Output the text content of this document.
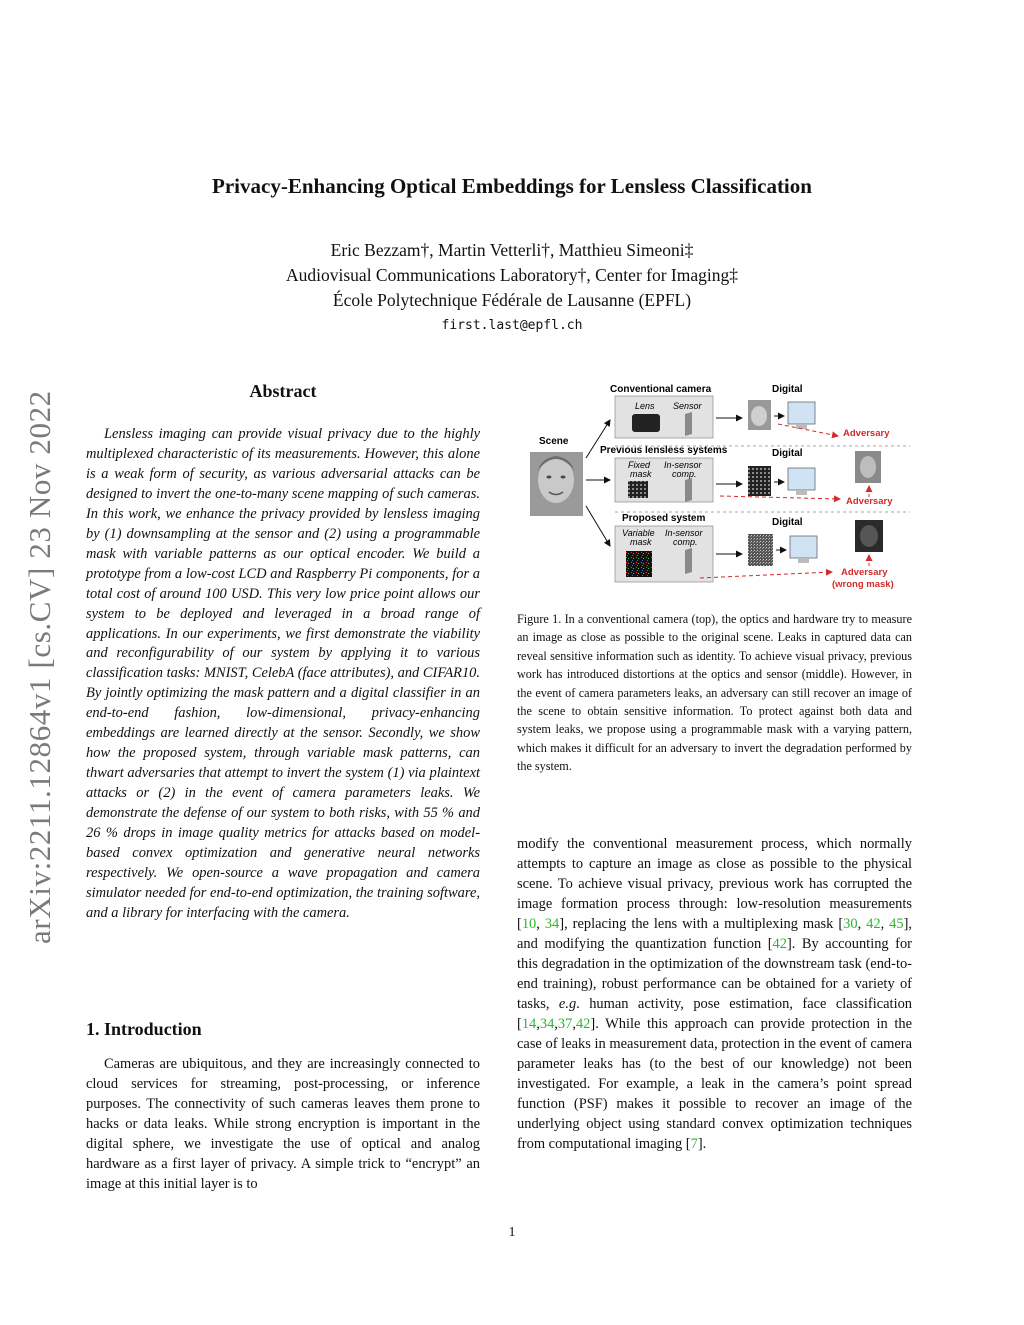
arXiv:2211.12864v1 [cs.CV] 23 Nov 2022
Privacy-Enhancing Optical Embeddings for Lensless Classification
Eric Bezzam†, Martin Vetterli†, Matthieu Simeoni‡
Audiovisual Communications Laboratory†, Center for Imaging‡
École Polytechnique Fédérale de Lausanne (EPFL)
first.last@epfl.ch
Abstract
Lensless imaging can provide visual privacy due to the highly multiplexed characteristic of its measurements. However, this alone is a weak form of security, as various adversarial attacks can be designed to invert the one-to-many scene mapping of such cameras. In this work, we enhance the privacy provided by lensless imaging by (1) downsampling at the sensor and (2) using a programmable mask with variable patterns as our optical encoder. We build a prototype from a low-cost LCD and Raspberry Pi components, for a total cost of around 100 USD. This very low price point allows our system to be deployed and leveraged in a broad range of applications. In our experiments, we first demonstrate the viability and reconfigurability of our system by applying it to various classification tasks: MNIST, CelebA (face attributes), and CIFAR10. By jointly optimizing the mask pattern and a digital classifier in an end-to-end fashion, low-dimensional, privacy-enhancing embeddings are learned directly at the sensor. Secondly, we show how the proposed system, through variable mask patterns, can thwart adversaries that attempt to invert the system (1) via plaintext attacks or (2) in the event of camera parameters leaks. We demonstrate the defense of our system to both risks, with 55 % and 26 % drops in image quality metrics for attacks based on model-based convex optimization and generative neural networks respectively. We open-source a wave propagation and camera simulator needed for end-to-end optimization, the training software, and a library for interfacing with the camera.
1. Introduction
Cameras are ubiquitous, and they are increasingly connected to cloud services for streaming, post-processing, or inference purposes. The connectivity of such cameras leaves them prone to hacks or data leaks. While strong encryption is important in the digital sphere, we investigate the use of optical and analog hardware as a first layer of privacy. A simple trick to “encrypt” an image at this initial layer is to
Conventional camera	Digital
Previous lensless systems	Digital
Proposed system	Digital
Scene
Lens Sensor
Adversary
Fixed
mask
In-sensor
comp.
Adversary
Variable
mask
In-sensor
comp.
Adversary
(wrong mask)
Figure 1. In a conventional camera (top), the optics and hardware try to measure an image as close as possible to the original scene. Leaks in captured data can reveal sensitive information such as identity. To achieve visual privacy, previous work has introduced distortions at the optics and sensor (middle). However, in the event of camera parameters leaks, an adversary can still recover an image of the scene to obtain sensitive information. To protect against both data and system leaks, we propose using a programmable mask with a varying pattern, which makes it difficult for an adversary to invert the degradation performed by the system.
modify the conventional measurement process, which normally attempts to capture an image as close as possible to the physical scene. To achieve visual privacy, previous work has corrupted the image formation process through: low-resolution measurements [10, 34], replacing the lens with a multiplexing mask [30, 42, 45], and modifying the quantization function [42]. By accounting for this degradation in the optimization of the downstream task (end-to-end training), robust performance can be obtained for a variety of tasks, e.g. human activity, pose estimation, face classification [14,34,37,42]. While this approach can provide protection in the case of leaks in measurement data, protection in the event of camera parameter leaks has (to the best of our knowledge) not been investigated. For example, a leak in the camera’s point spread function (PSF) makes it possible to recover an image of the underlying object using standard convex optimization techniques from computational imaging [7].
1
